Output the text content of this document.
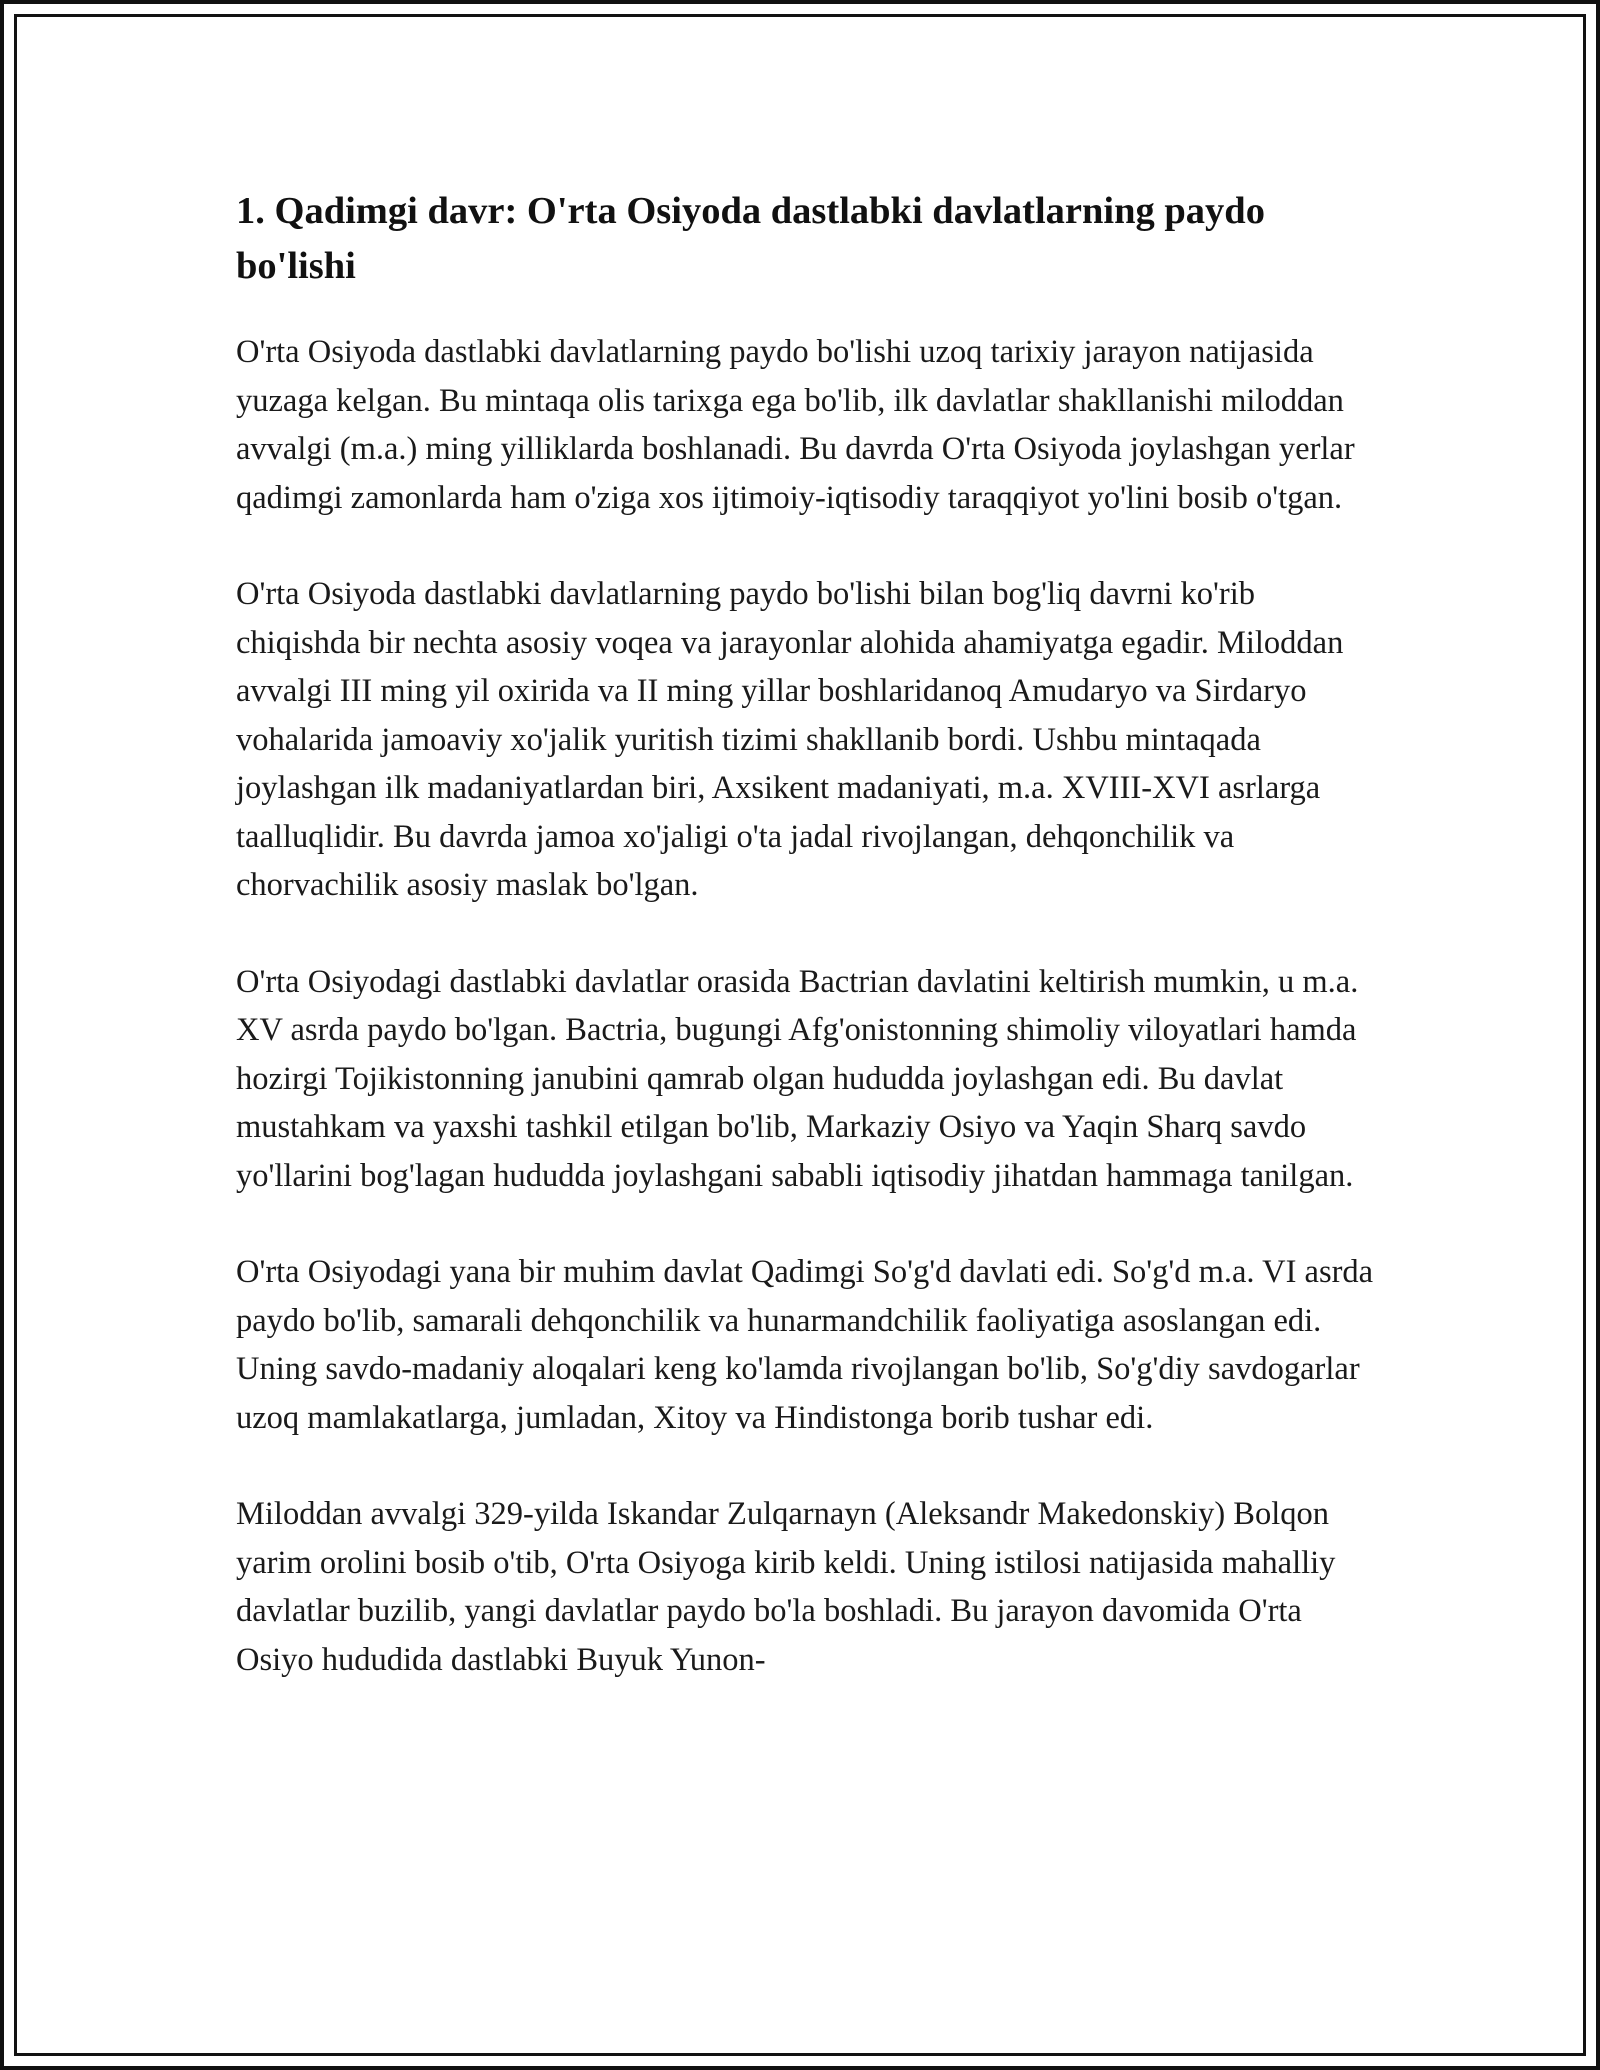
1. Qadimgi davr: O'rta Osiyoda dastlabki davlatlarning paydo bo'lishi

O'rta Osiyoda dastlabki davlatlarning paydo bo'lishi uzoq tarixiy jarayon natijasida yuzaga kelgan. Bu mintaqa olis tarixga ega bo'lib, ilk davlatlar shakllanishi miloddan avvalgi (m.a.) ming yilliklarda boshlanadi. Bu davrda O'rta Osiyoda joylashgan yerlar qadimgi zamonlarda ham o'ziga xos ijtimoiy-iqtisodiy taraqqiyot yo'lini bosib o'tgan.

O'rta Osiyoda dastlabki davlatlarning paydo bo'lishi bilan bog'liq davrni ko'rib chiqishda bir nechta asosiy voqea va jarayonlar alohida ahamiyatga egadir. Miloddan avvalgi III ming yil oxirida va II ming yillar boshlaridanoq Amudaryo va Sirdaryo vohalarida jamoaviy xo'jalik yuritish tizimi shakllanib bordi. Ushbu mintaqada joylashgan ilk madaniyatlardan biri, Axsikent madaniyati, m.a. XVIII-XVI asrlarga taalluqlidir. Bu davrda jamoa xo'jaligi o'ta jadal rivojlangan, dehqonchilik va chorvachilik asosiy maslak bo'lgan.

O'rta Osiyodagi dastlabki davlatlar orasida Bactrian davlatini keltirish mumkin, u m.a. XV asrda paydo bo'lgan. Bactria, bugungi Afg'onistonning shimoliy viloyatlari hamda hozirgi Tojikistonning janubini qamrab olgan hududda joylashgan edi. Bu davlat mustahkam va yaxshi tashkil etilgan bo'lib, Markaziy Osiyo va Yaqin Sharq savdo yo'llarini bog'lagan hududda joylashgani sababli iqtisodiy jihatdan hammaga tanilgan.

O'rta Osiyodagi yana bir muhim davlat Qadimgi So'g'd davlati edi. So'g'd m.a. VI asrda paydo bo'lib, samarali dehqonchilik va hunarmandchilik faoliyatiga asoslangan edi. Uning savdo-madaniy aloqalari keng ko'lamda rivojlangan bo'lib, So'g'diy savdogarlar uzoq mamlakatlarga, jumladan, Xitoy va Hindistonga borib tushar edi.

Miloddan avvalgi 329-yilda Iskandar Zulqarnayn (Aleksandr Makedonskiy) Bolqon yarim orolini bosib o'tib, O'rta Osiyoga kirib keldi. Uning istilosi natijasida mahalliy davlatlar buzilib, yangi davlatlar paydo bo'la boshladi. Bu jarayon davomida O'rta Osiyo hududida dastlabki Buyuk Yunon-
